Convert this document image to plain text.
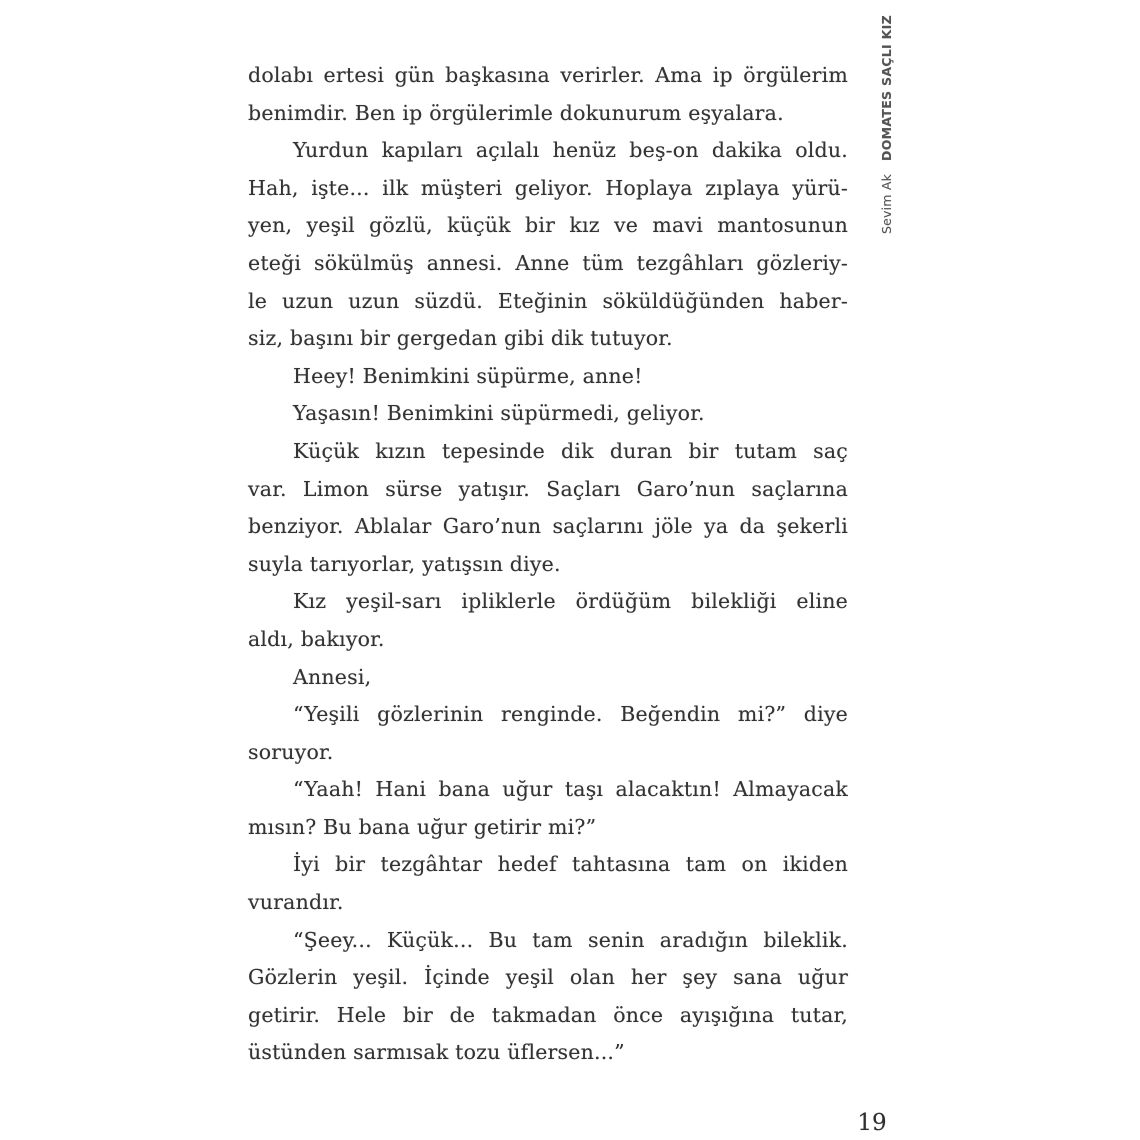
dolabı ertesi gün başkasına verirler. Ama ip örgülerim
benimdir. Ben ip örgülerimle dokunurum eşyalara.
Yurdun kapıları açılalı henüz beş-on dakika oldu.
Hah, işte... ilk müşteri geliyor. Hoplaya zıplaya yürü-
yen, yeşil gözlü, küçük bir kız ve mavi mantosunun
eteği sökülmüş annesi. Anne tüm tezgâhları gözleriy-
le uzun uzun süzdü. Eteğinin söküldüğünden haber-
siz, başını bir gergedan gibi dik tutuyor.
Heey! Benimkini süpürme, anne!
Yaşasın! Benimkini süpürmedi, geliyor.
Küçük kızın tepesinde dik duran bir tutam saç
var. Limon sürse yatışır. Saçları Garo’nun saçlarına
benziyor. Ablalar Garo’nun saçlarını jöle ya da şekerli
suyla tarıyorlar, yatışsın diye.
Kız yeşil-sarı ipliklerle ördüğüm bilekliği eline
aldı, bakıyor.
Annesi,
“Yeşili gözlerinin renginde. Beğendin mi?” diye
soruyor.
“Yaah! Hani bana uğur taşı alacaktın! Almayacak
mısın? Bu bana uğur getirir mi?”
İyi bir tezgâhtar hedef tahtasına tam on ikiden
vurandır.
“Şeey... Küçük... Bu tam senin aradığın bileklik.
Gözlerin yeşil. İçinde yeşil olan her şey sana uğur
getirir. Hele bir de takmadan önce ayışığına tutar,
üstünden sarmısak tozu üflersen...”
Sevim AkDOMATES SAÇLI KIZ
19
